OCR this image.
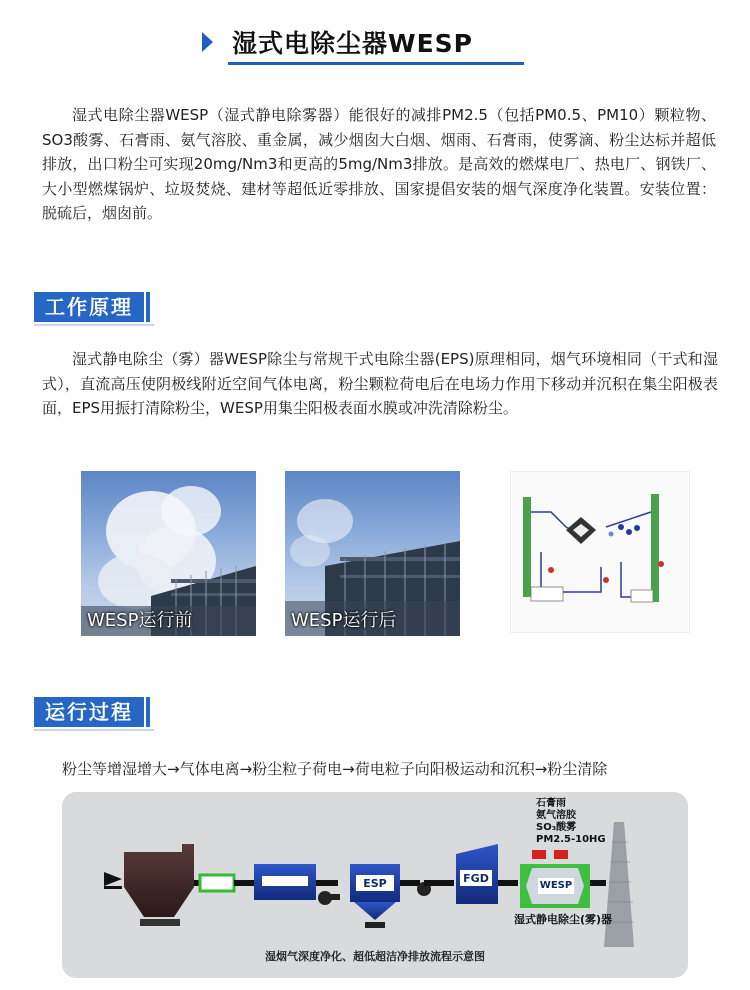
湿式电除尘器WESP
湿式电除尘器WESP（湿式静电除雾器）能很好的减排PM2.5（包括PM0.5、PM10）颗粒物、SO3酸雾、石膏雨、氨气溶胶、重金属，减少烟囱大白烟、烟雨、石膏雨，使雾滴、粉尘达标并超低排放，出口粉尘可实现20mg/Nm3和更高的5mg/Nm3排放。是高效的燃煤电厂、热电厂、钢铁厂、大小型燃煤锅炉、垃圾焚烧、建材等超低近零排放、国家提倡安装的烟气深度净化装置。安装位置：脱硫后，烟囱前。
工作原理
湿式静电除尘（雾）器WESP除尘与常规干式电除尘器(EPS)原理相同，烟气环境相同（干式和湿式），直流高压使阴极线附近空间气体电离，粉尘颗粒荷电后在电场力作用下移动并沉积在集尘阳极表面，EPS用振打清除粉尘，WESP用集尘阳极表面水膜或冲洗清除粉尘。
WESP运行前	WESP运行后
运行过程
粉尘等增湿增大→气体电离→粉尘粒子荷电→荷电粒子向阳极运动和沉积→粉尘清除
ESP	FGD
WESP
石膏雨
氨气溶胶
SO₃酸雾
PM2.5-10HG
湿式静电除尘(雾)器
湿烟气深度净化、超低超洁净排放流程示意图
